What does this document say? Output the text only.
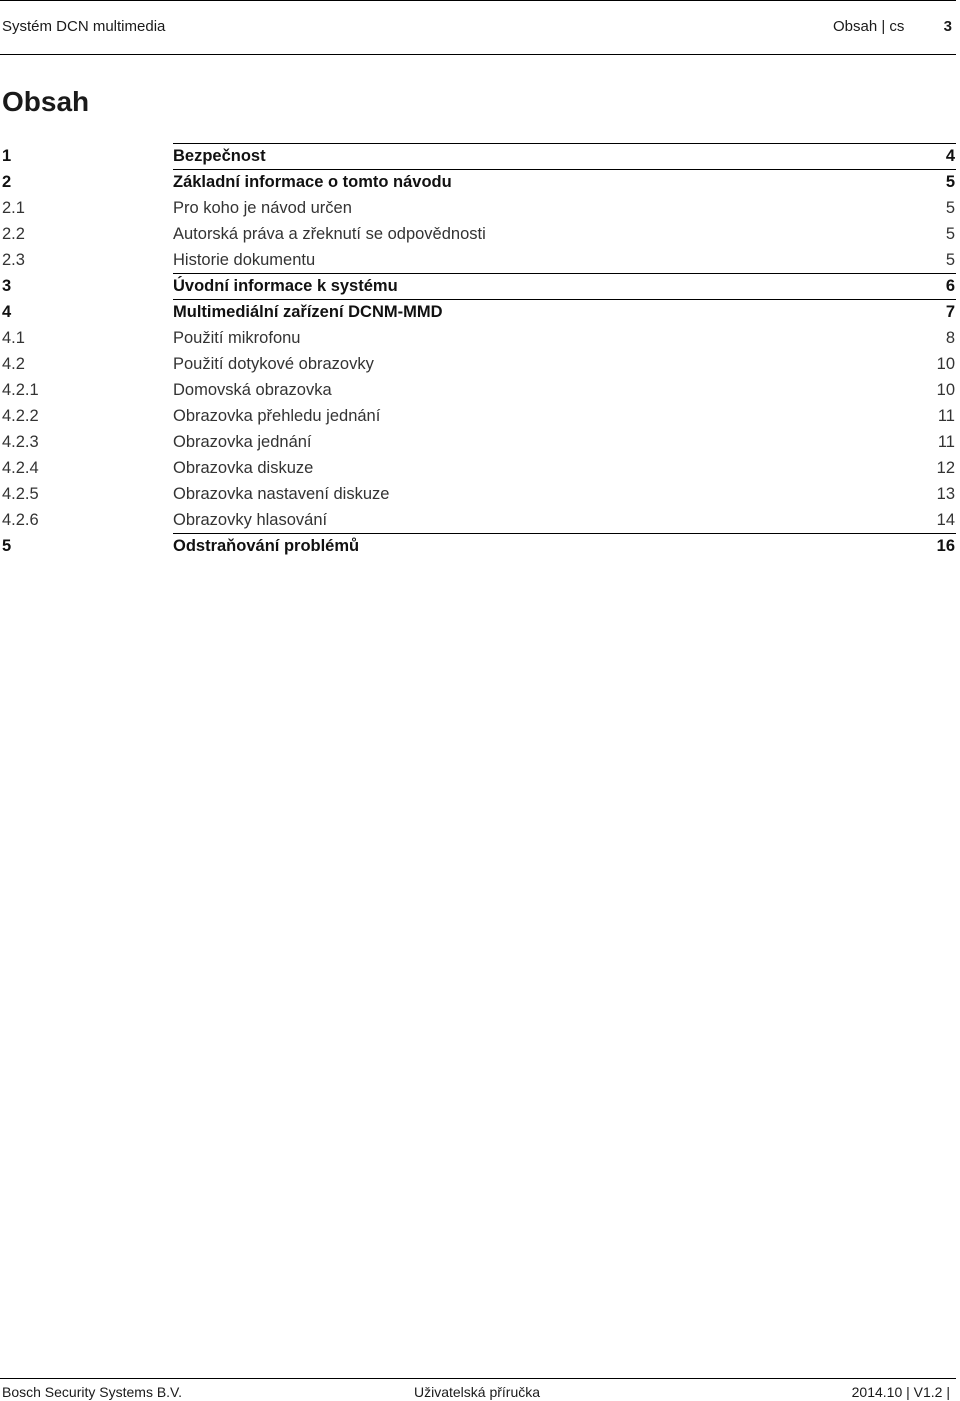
Systém DCN multimedia	Obsah | cs	3
Obsah
1	Bezpečnost	4
2	Základní informace o tomto návodu	5
2.1	Pro koho je návod určen	5
2.2	Autorská práva a zřeknutí se odpovědnosti	5
2.3	Historie dokumentu	5
3	Úvodní informace k systému	6
4	Multimediální zařízení DCNM-MMD	7
4.1	Použití mikrofonu	8
4.2	Použití dotykové obrazovky	10
4.2.1	Domovská obrazovka	10
4.2.2	Obrazovka přehledu jednání	11
4.2.3	Obrazovka jednání	11
4.2.4	Obrazovka diskuze	12
4.2.5	Obrazovka nastavení diskuze	13
4.2.6	Obrazovky hlasování	14
5	Odstraňování problémů	16
Bosch Security Systems B.V.	Uživatelská příručka	2014.10 | V1.2 |
